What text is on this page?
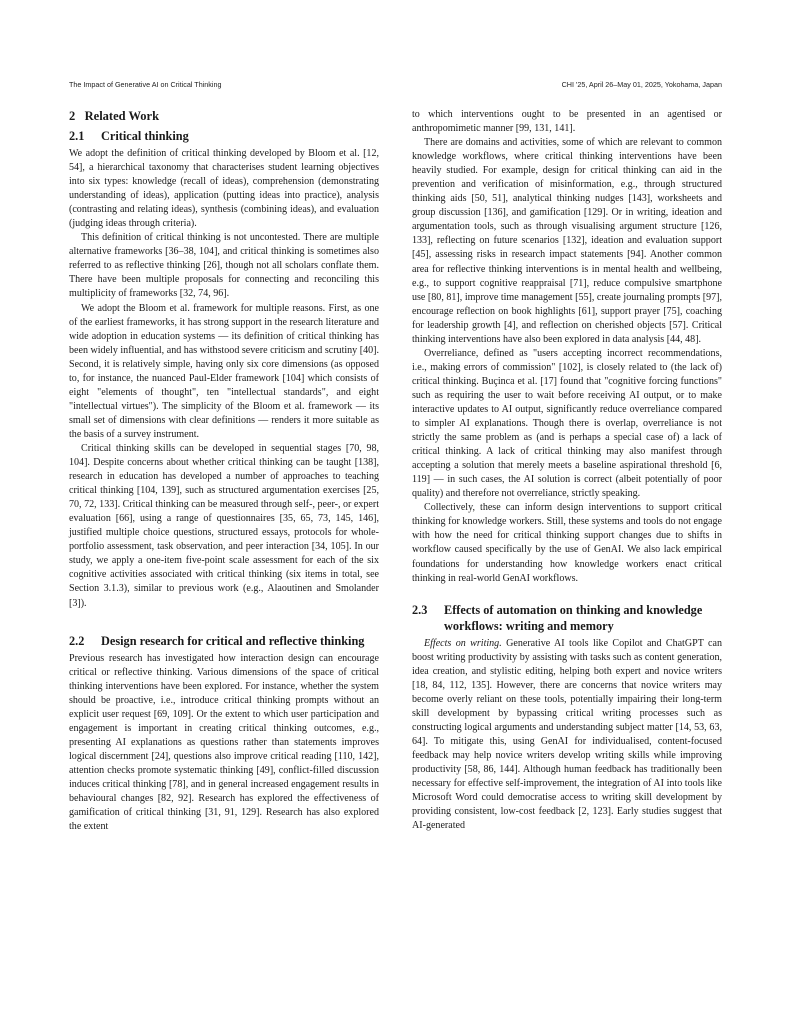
The Impact of Generative AI on Critical Thinking	CHI '25, April 26–May 01, 2025, Yokohama, Japan
2 Related Work
2.1	Critical thinking

We adopt the definition of critical thinking developed by Bloom et al. [12, 54], a hierarchical taxonomy that characterises student learning objectives into six types: knowledge (recall of ideas), comprehension (demonstrating understanding of ideas), application (putting ideas into practice), analysis (contrasting and relating ideas), synthesis (combining ideas), and evaluation (judging ideas through criteria).

This definition of critical thinking is not uncontested. There are multiple alternative frameworks [36–38, 104], and critical thinking is sometimes also referred to as reflective thinking [26], though not all scholars conflate them. There have been multiple proposals for connecting and reconciling this multiplicity of frameworks [32, 74, 96].

We adopt the Bloom et al. framework for multiple reasons. First, as one of the earliest frameworks, it has strong support in the research literature and wide adoption in education systems — its definition of critical thinking has been widely influential, and has withstood severe criticism and scrutiny [40]. Second, it is relatively simple, having only six core dimensions (as opposed to, for instance, the nuanced Paul-Elder framework [104] which consists of eight "elements of thought", ten "intellectual standards", and eight "intellectual virtues"). The simplicity of the Bloom et al. framework — its small set of dimensions with clear definitions — renders it more suitable as the basis of a survey instrument.

Critical thinking skills can be developed in sequential stages [70, 98, 104]. Despite concerns about whether critical thinking can be taught [138], research in education has developed a number of approaches to teaching critical thinking [104, 139], such as structured argumentation exercises [25, 70, 72, 133]. Critical thinking can be measured through self-, peer-, or expert evaluation [66], using a range of questionnaires [35, 65, 73, 145, 146], justified multiple choice questions, structured essays, protocols for whole-portfolio assessment, task observation, and peer interaction [34, 105]. In our study, we apply a one-item five-point scale assessment for each of the six cognitive activities associated with critical thinking (six items in total, see Section 3.1.3), similar to previous work (e.g., Alaoutinen and Smolander [3]).

2.2	Design research for critical and reflective thinking

Previous research has investigated how interaction design can encourage critical or reflective thinking. Various dimensions of the space of critical thinking interventions have been explored. For instance, whether the system should be proactive, i.e., introduce critical thinking prompts without an explicit user request [69, 109]. Or the extent to which user participation and engagement is important in creating critical thinking outcomes, e.g., presenting AI explanations as questions rather than statements improves logical discernment [24], questions also improve critical reading [110, 142], attention checks promote systematic thinking [49], conflict-filled discussion induces critical thinking [78], and in general increased engagement results in behavioural changes [82, 92]. Research has explored the effectiveness of gamification of critical thinking [31, 91, 129]. Research has also explored the extent

to which interventions ought to be presented in an agentised or anthropomimetic manner [99, 131, 141].

There are domains and activities, some of which are relevant to common knowledge workflows, where critical thinking interventions have been heavily studied. For example, design for critical thinking can aid in the prevention and verification of misinformation, e.g., through structured thinking aids [50, 51], analytical thinking nudges [143], worksheets and group discussion [136], and gamification [129]. Or in writing, ideation and argumentation tools, such as through visualising argument structure [126, 133], reflecting on future scenarios [132], ideation and evaluation support [45], assessing risks in research impact statements [94]. Another common area for reflective thinking interventions is in mental health and wellbeing, e.g., to support cognitive reappraisal [71], reduce compulsive smartphone use [80, 81], improve time management [55], create journaling prompts [97], encourage reflection on book highlights [61], support prayer [75], coaching for leadership growth [4], and reflection on cherished objects [57]. Critical thinking interventions have also been explored in data analysis [44, 48].

Overreliance, defined as "users accepting incorrect recommendations, i.e., making errors of commission" [102], is closely related to (the lack of) critical thinking. Buçinca et al. [17] found that "cognitive forcing functions" such as requiring the user to wait before receiving AI output, or to make interactive updates to AI output, significantly reduce overreliance compared to simpler AI explanations. Though there is overlap, overreliance is not strictly the same problem as (and is perhaps a special case of) a lack of critical thinking. A lack of critical thinking may also manifest through accepting a solution that merely meets a baseline aspirational threshold [6, 119] — in such cases, the AI solution is correct (albeit potentially of poor quality) and therefore not overreliance, strictly speaking.

Collectively, these can inform design interventions to support critical thinking for knowledge workers. Still, these systems and tools do not engage with how the need for critical thinking support changes due to shifts in workflow caused specifically by the use of GenAI. We also lack empirical foundations for understanding how knowledge workers enact critical thinking in real-world GenAI workflows.

2.3	Effects of automation on thinking and knowledge workflows: writing and memory

Effects on writing. Generative AI tools like Copilot and ChatGPT can boost writing productivity by assisting with tasks such as content generation, idea creation, and stylistic editing, helping both expert and novice writers [18, 84, 112, 135]. However, there are concerns that novice writers may become overly reliant on these tools, potentially impairing their long-term skill development by bypassing critical writing processes such as constructing logical arguments and understanding subject matter [14, 53, 63, 64]. To mitigate this, using GenAI for individualised, content-focused feedback may help novice writers develop writing skills while improving productivity [58, 86, 144]. Although human feedback has traditionally been necessary for effective self-improvement, the integration of AI into tools like Microsoft Word could democratise access to writing skill development by providing consistent, low-cost feedback [2, 123]. Early studies suggest that AI-generated
